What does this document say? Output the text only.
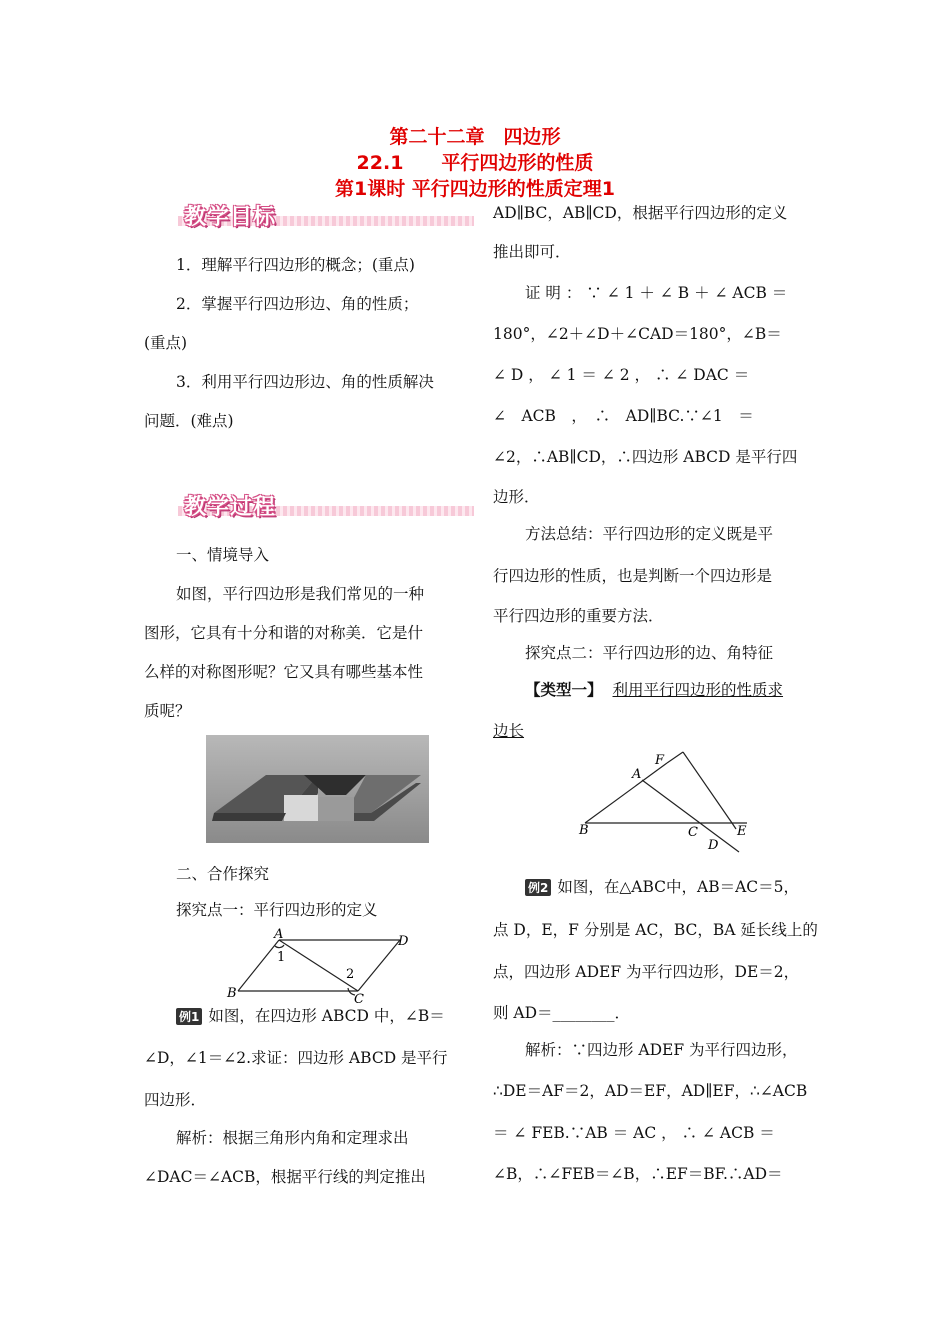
第二十二章　四边形
22.1　　平行四边形的性质
第1课时 平行四边形的性质定理1
教学目标
1．理解平行四边形的概念；(重点)
2．掌握平行四边形边、角的性质；
(重点)
3．利用平行四边形边、角的性质解决
问题．(难点)
教学过程
一、情境导入
如图，平行四边形是我们常见的一种
图形，它具有十分和谐的对称美．它是什
么样的对称图形呢？它又具有哪些基本性
质呢？
二、合作探究
探究点一：平行四边形的定义
A	D
B	C
1
2
例1 如图，在四边形 ABCD 中，∠B＝
∠D，∠1＝∠2.求证：四边形 ABCD 是平行
四边形．
解析：根据三角形内角和定理求出
∠DAC＝∠ACB，根据平行线的判定推出
AD∥BC，AB∥CD，根据平行四边形的定义
推出即可．
证 明 ： ∵ ∠ 1 ＋ ∠ B ＋ ∠ ACB ＝
180°，∠2＋∠D＋∠CAD＝180°，∠B＝
∠ D ， ∠ 1 ＝ ∠ 2 ， ∴ ∠ DAC ＝
∠　ACB　，　∴　AD∥BC.∵∠1　＝
∠2，∴AB∥CD，∴四边形 ABCD 是平行四
边形．
方法总结：平行四边形的定义既是平
行四边形的性质，也是判断一个四边形是
平行四边形的重要方法．
探究点二：平行四边形的边、角特征
【类型一】 利用平行四边形的性质求
边长
A
B	C
D
E
F
例2 如图，在△ABC中，AB＝AC＝5，
点 D，E，F 分别是 AC，BC，BA 延长线上的
点，四边形 ADEF 为平行四边形，DE＝2，
则 AD＝________．
解析：∵四边形 ADEF 为平行四边形，
∴DE＝AF＝2，AD＝EF，AD∥EF，∴∠ACB
＝ ∠ FEB.∵AB ＝ AC ， ∴ ∠ ACB ＝
∠B，∴∠FEB＝∠B，∴EF＝BF.∴AD＝
